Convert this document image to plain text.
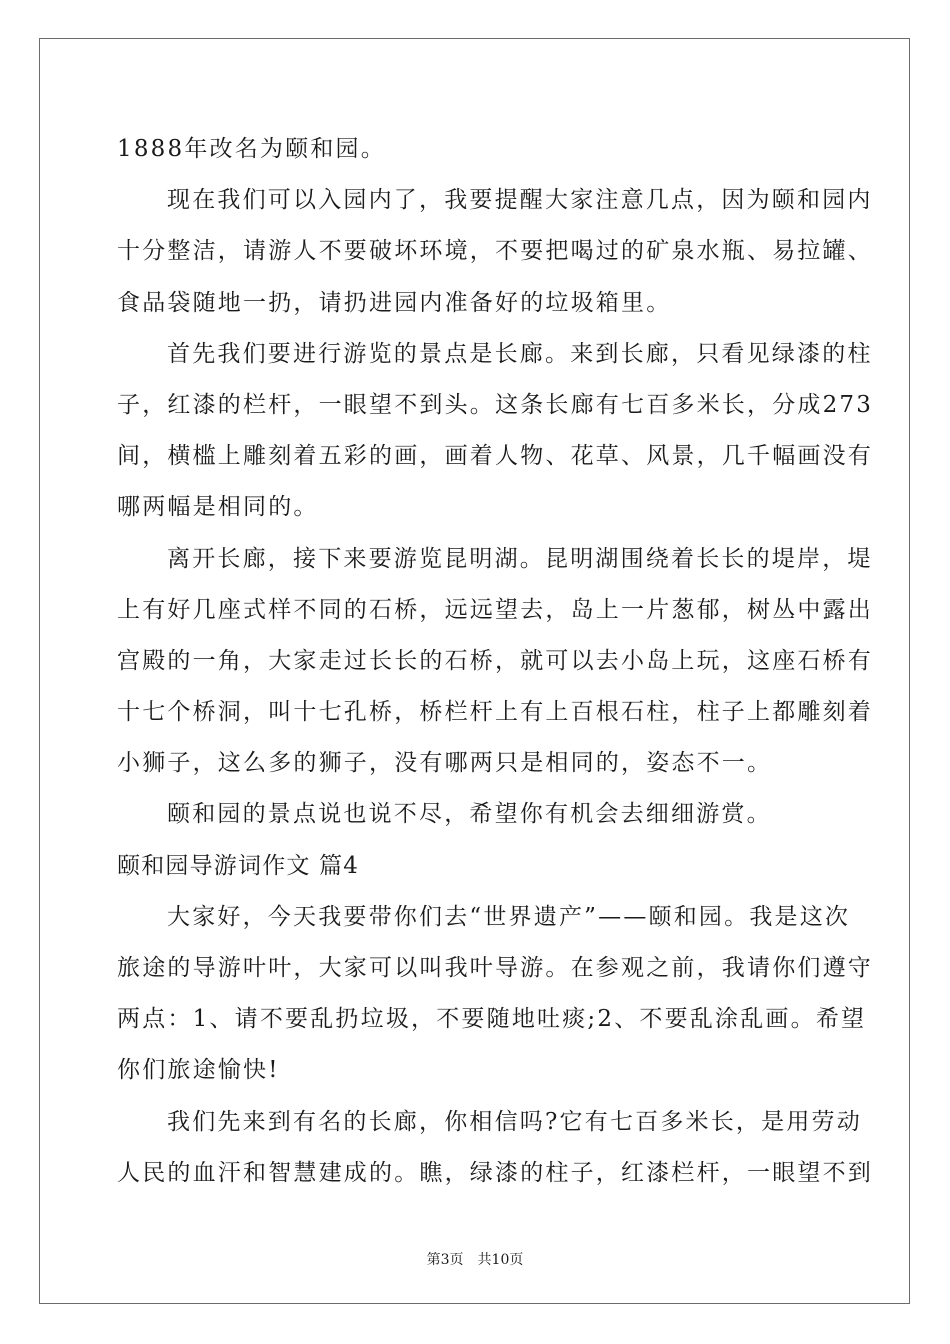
1888年改名为颐和园。
现在我们可以入园内了，我要提醒大家注意几点，因为颐和园内
十分整洁，请游人不要破坏环境，不要把喝过的矿泉水瓶、易拉罐、
食品袋随地一扔，请扔进园内准备好的垃圾箱里。
首先我们要进行游览的景点是长廊。来到长廊，只看见绿漆的柱
子，红漆的栏杆，一眼望不到头。这条长廊有七百多米长，分成273
间，横槛上雕刻着五彩的画，画着人物、花草、风景，几千幅画没有
哪两幅是相同的。
离开长廊，接下来要游览昆明湖。昆明湖围绕着长长的堤岸，堤
上有好几座式样不同的石桥，远远望去，岛上一片葱郁，树丛中露出
宫殿的一角，大家走过长长的石桥，就可以去小岛上玩，这座石桥有
十七个桥洞，叫十七孔桥，桥栏杆上有上百根石柱，柱子上都雕刻着
小狮子，这么多的狮子，没有哪两只是相同的，姿态不一。
颐和园的景点说也说不尽，希望你有机会去细细游赏。
颐和园导游词作文 篇4
大家好，今天我要带你们去“世界遗产”——颐和园。我是这次
旅途的导游叶叶，大家可以叫我叶导游。在参观之前，我请你们遵守
两点：1、请不要乱扔垃圾，不要随地吐痰;2、不要乱涂乱画。希望
你们旅途愉快!
我们先来到有名的长廊，你相信吗?它有七百多米长，是用劳动
人民的血汗和智慧建成的。瞧，绿漆的柱子，红漆栏杆，一眼望不到
第3页　共10页
